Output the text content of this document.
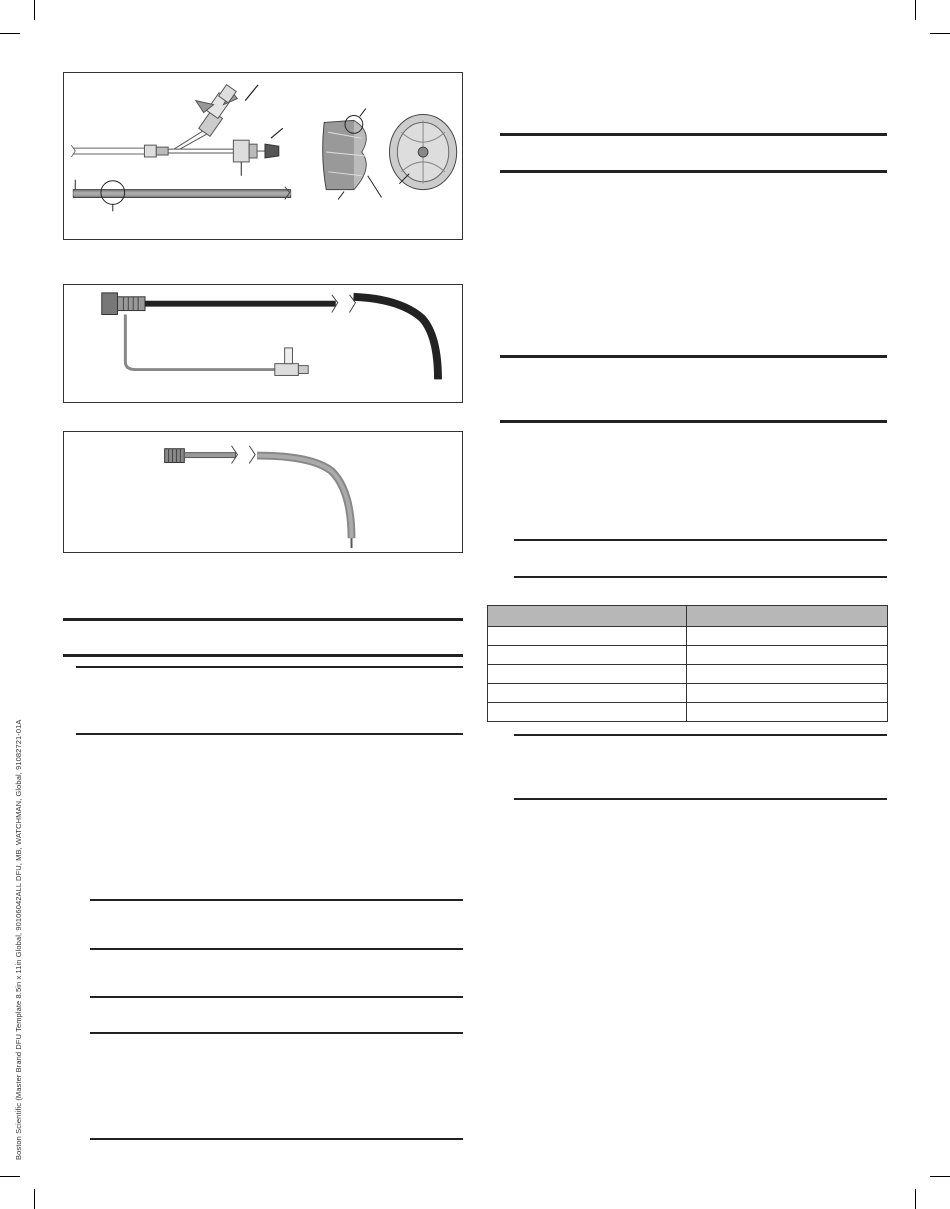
Boston Scientific (Master Brand DFU Template 8.5in x 11in Global, 90106042ALL DFU, MB, WATCHMAN, Global, 91082721-01A
